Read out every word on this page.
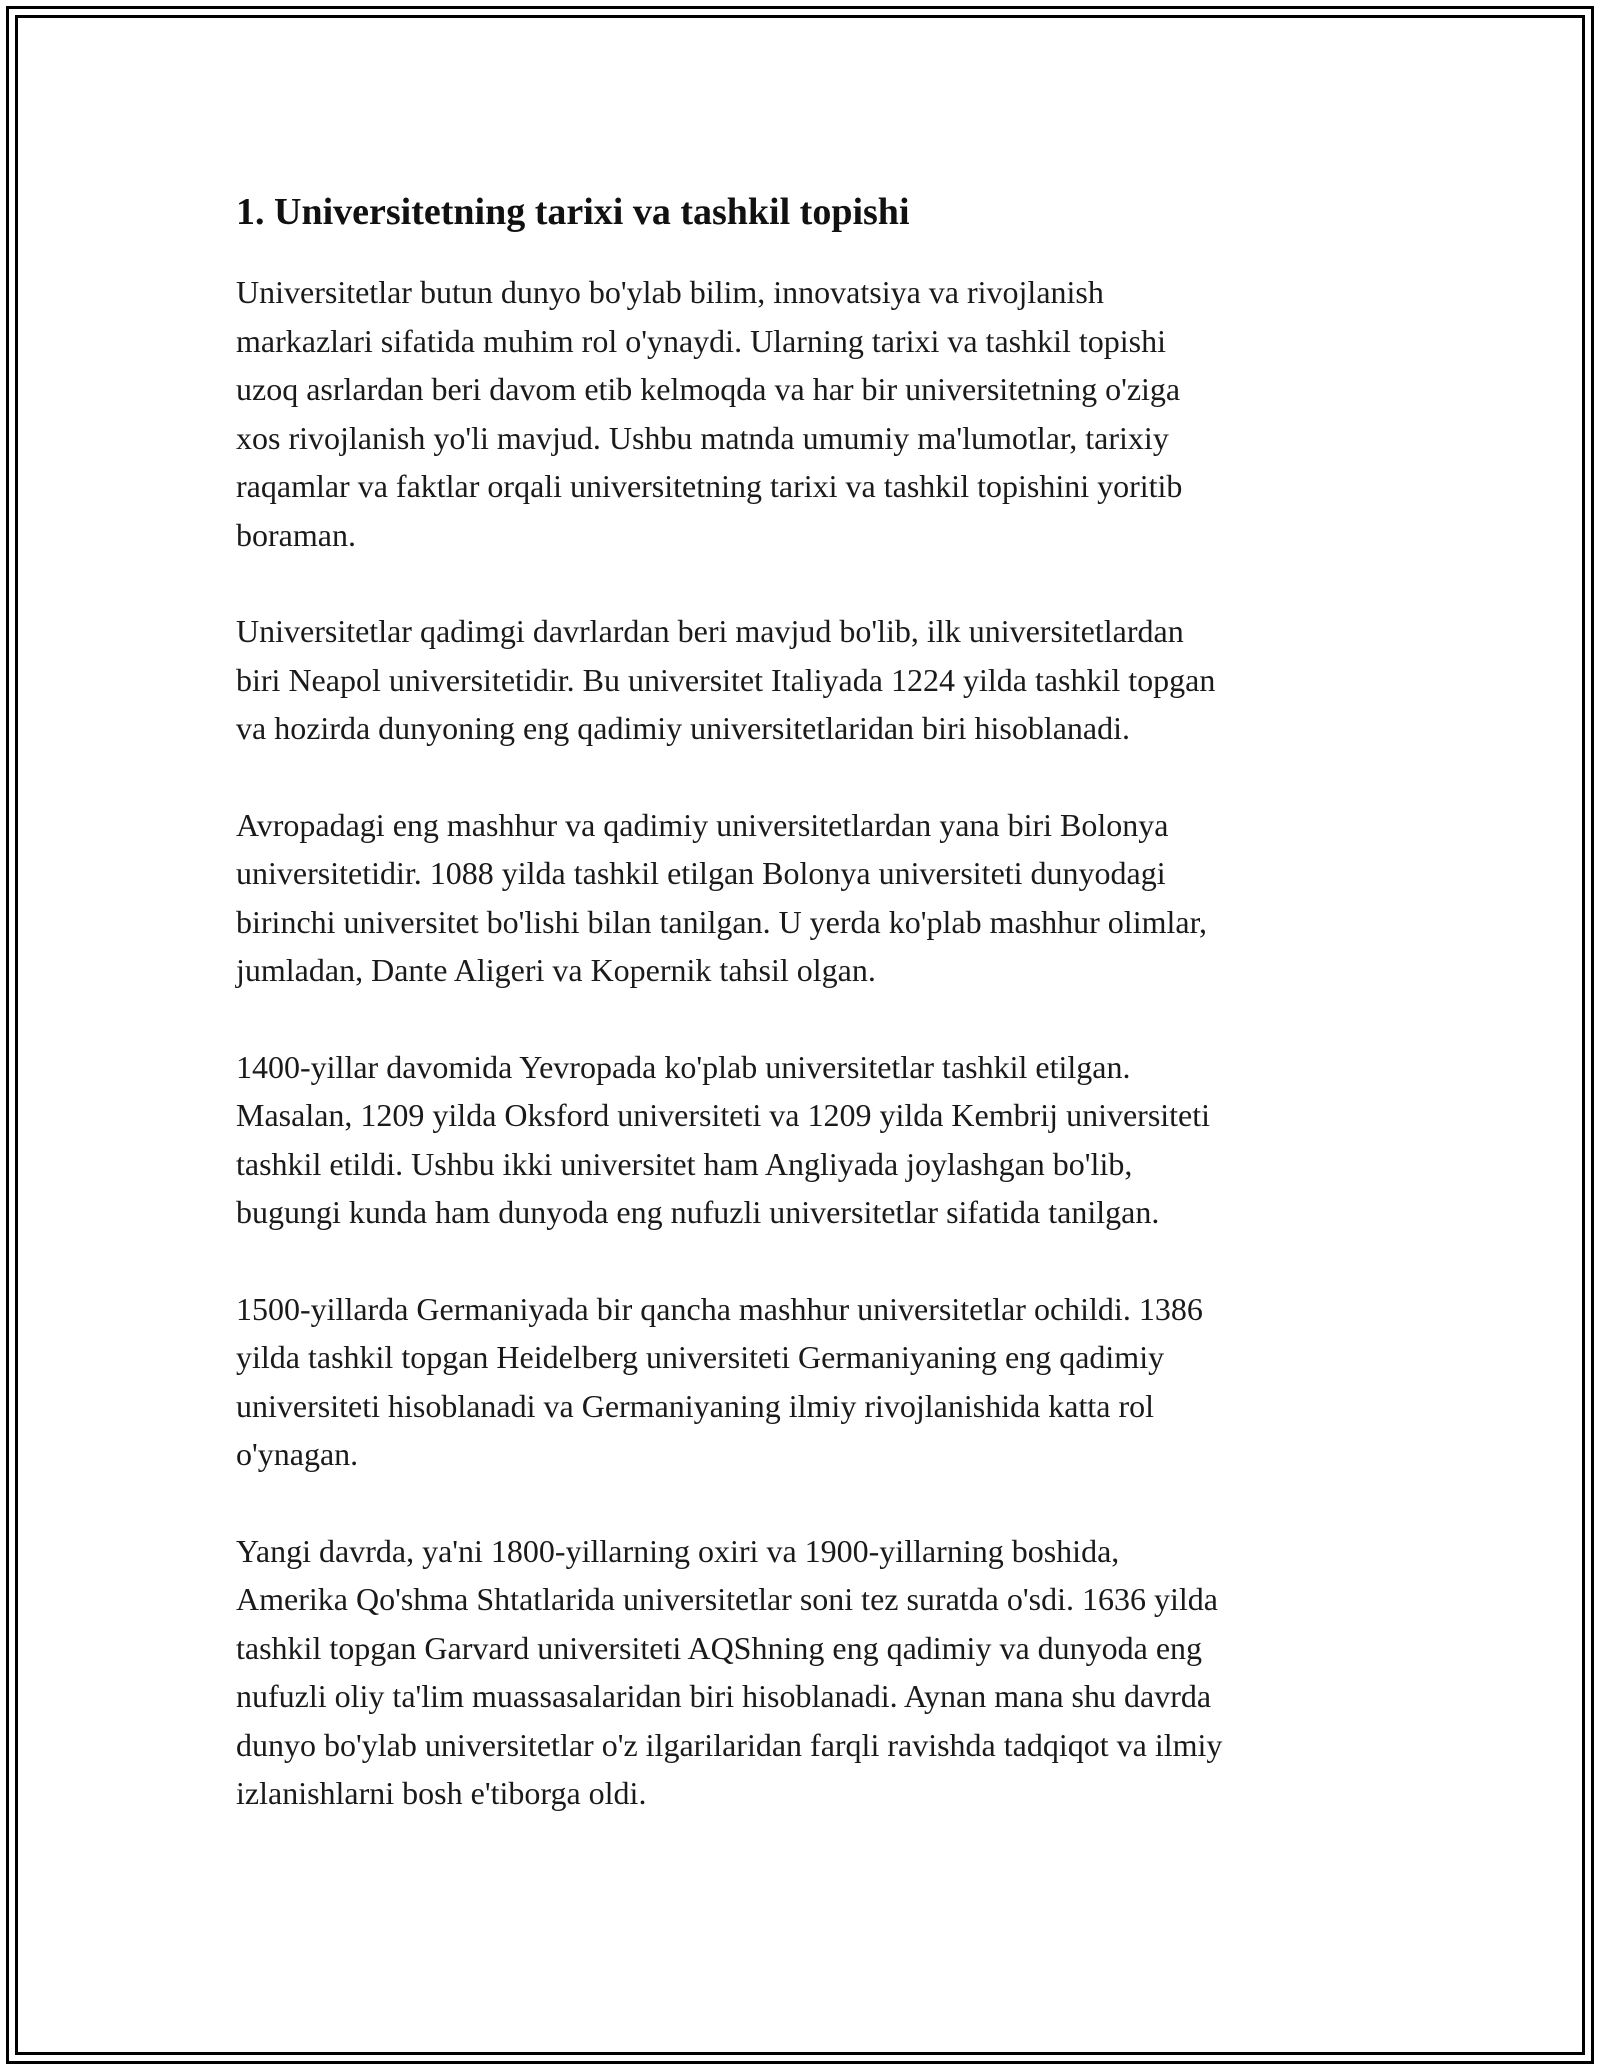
1. Universitetning tarixi va tashkil topishi

Universitetlar butun dunyo bo'ylab bilim, innovatsiya va rivojlanish
markazlari sifatida muhim rol o'ynaydi. Ularning tarixi va tashkil topishi
uzoq asrlardan beri davom etib kelmoqda va har bir universitetning o'ziga
xos rivojlanish yo'li mavjud. Ushbu matnda umumiy ma'lumotlar, tarixiy
raqamlar va faktlar orqali universitetning tarixi va tashkil topishini yoritib
boraman.

Universitetlar qadimgi davrlardan beri mavjud bo'lib, ilk universitetlardan
biri Neapol universitetidir. Bu universitet Italiyada 1224 yilda tashkil topgan
va hozirda dunyoning eng qadimiy universitetlaridan biri hisoblanadi.

Avropadagi eng mashhur va qadimiy universitetlardan yana biri Bolonya
universitetidir. 1088 yilda tashkil etilgan Bolonya universiteti dunyodagi
birinchi universitet bo'lishi bilan tanilgan. U yerda ko'plab mashhur olimlar,
jumladan, Dante Aligeri va Kopernik tahsil olgan.

1400-yillar davomida Yevropada ko'plab universitetlar tashkil etilgan.
Masalan, 1209 yilda Oksford universiteti va 1209 yilda Kembrij universiteti
tashkil etildi. Ushbu ikki universitet ham Angliyada joylashgan bo'lib,
bugungi kunda ham dunyoda eng nufuzli universitetlar sifatida tanilgan.

1500-yillarda Germaniyada bir qancha mashhur universitetlar ochildi. 1386
yilda tashkil topgan Heidelberg universiteti Germaniyaning eng qadimiy
universiteti hisoblanadi va Germaniyaning ilmiy rivojlanishida katta rol
o'ynagan.

Yangi davrda, ya'ni 1800-yillarning oxiri va 1900-yillarning boshida,
Amerika Qo'shma Shtatlarida universitetlar soni tez suratda o'sdi. 1636 yilda
tashkil topgan Garvard universiteti AQShning eng qadimiy va dunyoda eng
nufuzli oliy ta'lim muassasalaridan biri hisoblanadi. Aynan mana shu davrda
dunyo bo'ylab universitetlar o'z ilgarilaridan farqli ravishda tadqiqot va ilmiy
izlanishlarni bosh e'tiborga oldi.
